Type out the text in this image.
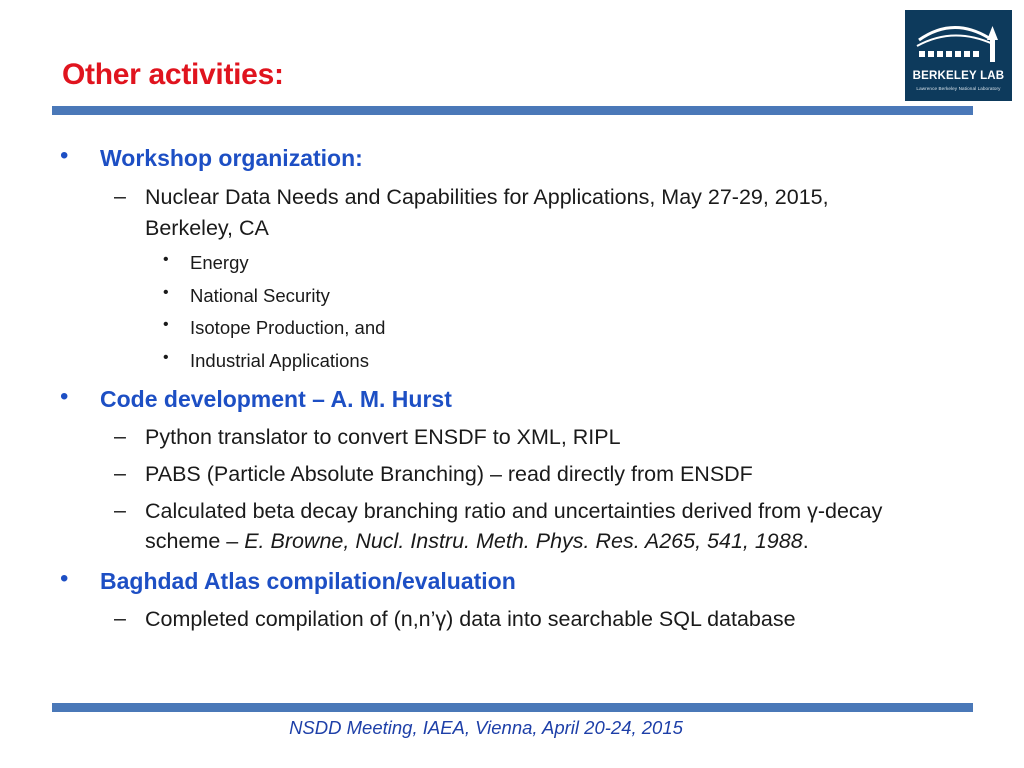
Other activities:	BERKELEY LAB
Lawrence Berkeley National Laboratory
• Workshop organization:
– Nuclear Data Needs and Capabilities for Applications, May 27-29, 2015,
Berkeley, CA
• Energy
• National Security
• Isotope Production, and
• Industrial Applications
• Code development – A. M. Hurst
– Python translator to convert ENSDF to XML, RIPL
– PABS (Particle Absolute Branching) – read directly from ENSDF
– Calculated beta decay branching ratio and uncertainties derived from γ-decay
scheme – E. Browne, Nucl. Instru. Meth. Phys. Res. A265, 541, 1988.
• Baghdad Atlas compilation/evaluation
– Completed compilation of (n,n’γ) data into searchable SQL database
NSDD Meeting, IAEA, Vienna, April 20-24, 2015
